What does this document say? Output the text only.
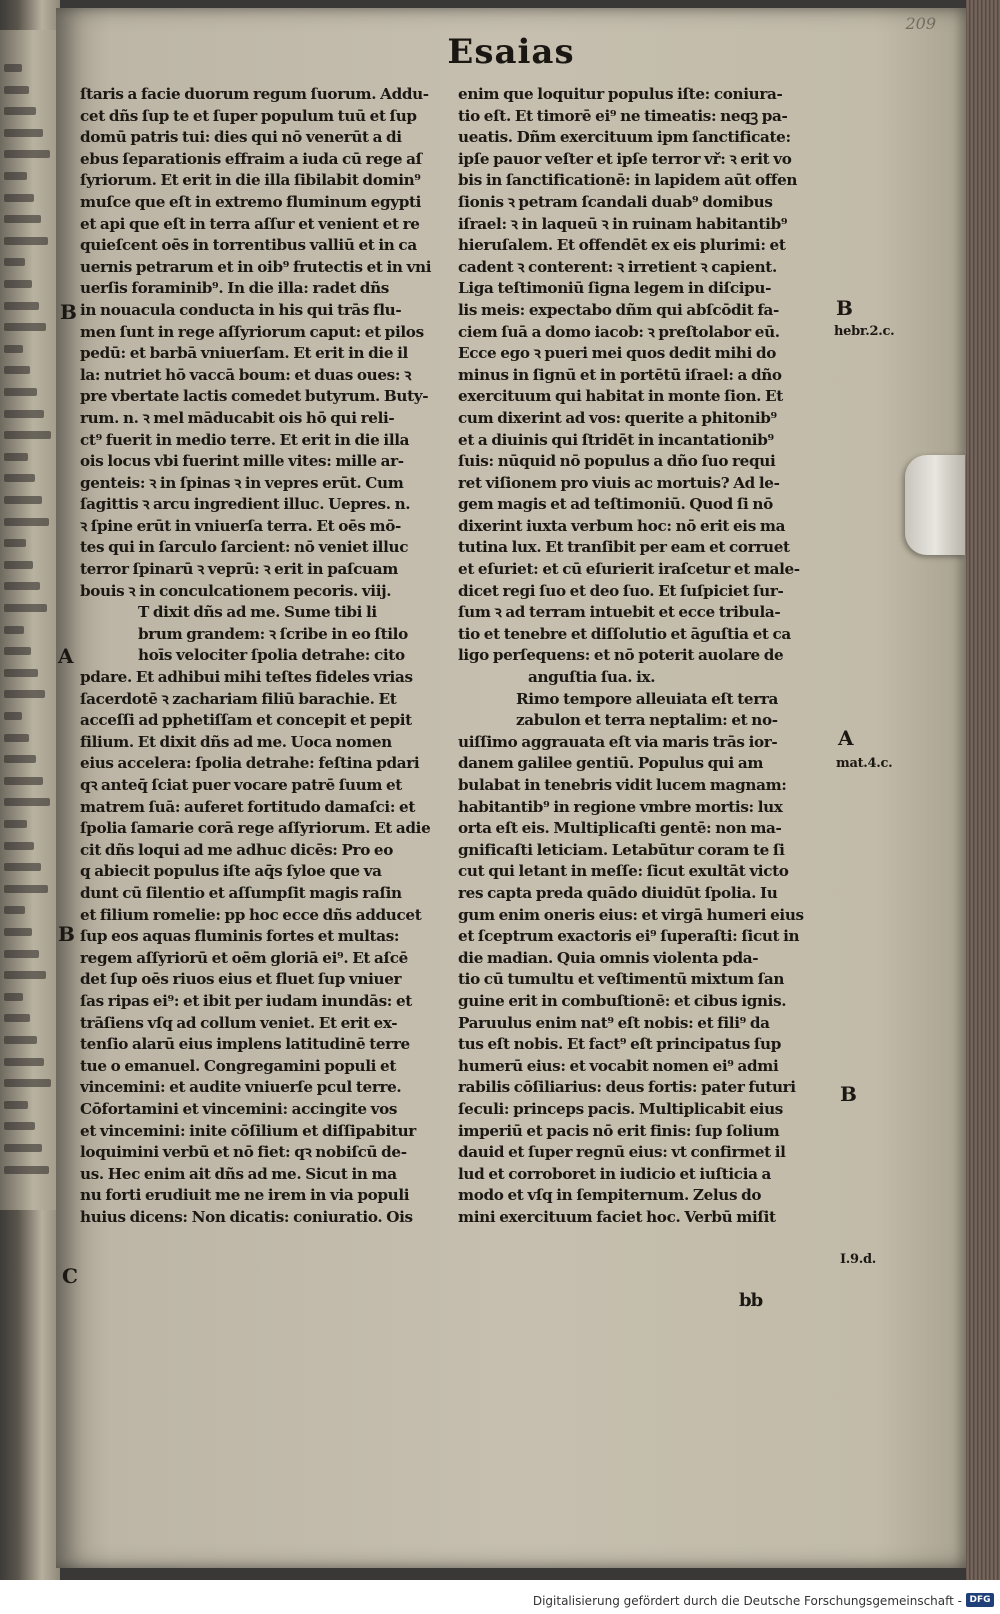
209
Esaias
ſtaris a facie duorum regum ſuorum. Addu-
cet dñs ſup te et ſuper populum tuū et ſup
domū patris tui: dies qui nō venerūt a di
ebus ſeparationis effraim a iuda cū rege aſ
ſyriorum. Et erit in die illa ſibilabit domin⁹
muſce que eſt in extremo fluminum egypti
et api que eſt in terra aſſur et venient et re
quieſcent oēs in torrentibus valliū et in ca
uernis petrarum et in oib⁹ frutectis et in vni
uerſis foraminib⁹. In die illa: radet dñs
in nouacula conducta in his qui trās flu-
men ſunt in rege aſſyriorum caput: et pilos
pedū: et barbā vniuerſam. Et erit in die il
la: nutriet hō vaccā boum: et duas oues: ꝛ
pre vbertate lactis comedet butyrum. Buty-
rum. n. ꝛ mel māducabit ois hō qui reli-
ct⁹ fuerit in medio terre. Et erit in die illa
ois locus vbi fuerint mille vites: mille ar-
genteis: ꝛ in ſpinas ꝛ in vepres erūt. Cum
ſagittis ꝛ arcu ingredient illuc. Uepres. n.
ꝛ ſpine erūt in vniuerſa terra. Et oēs mō-
tes qui in ſarculo ſarcient: nō veniet illuc
terror ſpinarū ꝛ veprū: ꝛ erit in paſcuam
bouis ꝛ in conculcationem pecoris. viij.
T dixit dñs ad me. Sume tibi li
brum grandem: ꝛ ſcribe in eo ſtilo
hoīs velociter ſpolia detrahe: cito
pdare. Et adhibui mihi teſtes fideles vrias
ſacerdotē ꝛ zachariam filiū barachie. Et
acceſſi ad pphetiſſam et concepit et pepit
filium. Et dixit dñs ad me. Uoca nomen
eius accelera: ſpolia detrahe: feſtina pdari
qꝛ anteq̄ ſciat puer vocare patrē ſuum et
matrem ſuā: auferet fortitudo damaſci: et
ſpolia ſamarie corā rege aſſyriorum. Et adie
cit dñs loqui ad me adhuc dicēs: Pro eo
q abiecit populus iſte aq̄s ſyloe que va
dunt cū ſilentio et aſſumpſit magis raſin
et filium romelie: pp hoc ecce dñs adducet
ſup eos aquas fluminis fortes et multas:
regem aſſyriorū et oēm gloriā ei⁹. Et aſcē
det ſup oēs riuos eius et fluet ſup vniuer
ſas ripas ei⁹: et ibit per iudam inundās: et
trāſiens vſq ad collum veniet. Et erit ex-
tenſio alarū eius implens latitudinē terre
tue o emanuel. Congregamini populi et
vincemini: et audite vniuerſe pcul terre.
Cōfortamini et vincemini: accingite vos
et vincemini: inite cōſilium et diſſipabitur
loquimini verbū et nō fiet: qꝛ nobiſcū de-
us. Hec enim ait dñs ad me. Sicut in ma
nu forti erudiuit me ne irem in via populi
huius dicens: Non dicatis: coniuratio. Ois
enim que loquitur populus iſte: coniura-
tio eſt. Et timorē ei⁹ ne timeatis: neqꝫ pa-
ueatis. Dñm exercituum ipm ſanctificate:
ipſe pauor veſter et ipſe terror vř: ꝛ erit vo
bis in ſanctificationē: in lapidem aūt offen
ſionis ꝛ petram ſcandali duab⁹ domibus
iſrael: ꝛ in laqueū ꝛ in ruinam habitantib⁹
hieruſalem. Et offendēt ex eis plurimi: et
cadent ꝛ conterent: ꝛ irretient ꝛ capient.
Liga teſtimoniū ſigna legem in diſcipu-
lis meis: expectabo dñm qui abſcōdit fa-
ciem ſuā a domo iacob: ꝛ preſtolabor eū.
Ecce ego ꝛ pueri mei quos dedit mihi do
minus in ſignū et in portētū iſrael: a dño
exercituum qui habitat in monte ſion. Et
cum dixerint ad vos: querite a phitonib⁹
et a diuinis qui ſtridēt in incantationib⁹
ſuis: nūquid nō populus a dño ſuo requi
ret viſionem pro viuis ac mortuis? Ad le-
gem magis et ad teſtimoniū. Quod ſi nō
dixerint iuxta verbum hoc: nō erit eis ma
tutina lux. Et tranſibit per eam et corruet
et eſuriet: et cū eſurierit iraſcetur et male-
dicet regi ſuo et deo ſuo. Et ſuſpiciet ſur-
ſum ꝛ ad terram intuebit et ecce tribula-
tio et tenebre et diſſolutio et āguſtia et ca
ligo perſequens: et nō poterit auolare de
anguſtia ſua. ix.
Rimo tempore alleuiata eſt terra
zabulon et terra neptalim: et no-
uiſſimo aggrauata eſt via maris trās ior-
danem galilee gentiū. Populus qui am
bulabat in tenebris vidit lucem magnam:
habitantib⁹ in regione vmbre mortis: lux
orta eſt eis. Multiplicaſti gentē: non ma-
gnificaſti leticiam. Letabūtur coram te ſi
cut qui letant in meſſe: ſicut exultāt victo
res capta preda quādo diuidūt ſpolia. Iu
gum enim oneris eius: et virgā humeri eius
et ſceptrum exactoris ei⁹ ſuperaſti: ſicut in
die madian. Quia omnis violenta pda-
tio cū tumultu et veſtimentū mixtum ſan
guine erit in combuſtionē: et cibus ignis.
Paruulus enim nat⁹ eſt nobis: et fili⁹ da
tus eſt nobis. Et fact⁹ eſt principatus ſup
humerū eius: et vocabit nomen ei⁹ admi
rabilis cōſiliarius: deus fortis: pater futuri
ſeculi: princeps pacis. Multiplicabit eius
imperiū et pacis nō erit finis: ſup ſolium
dauid et ſuper regnū eius: vt confirmet il
lud et corroboret in iudicio et iuſticia a
modo et vſq in ſempiternum. Zelus do
mini exercituum faciet hoc. Verbū miſit
B
A
B
C
B
hebr.2.c.
A
mat.4.c.
B
I.9.d.
bb
Digitalisierung gefördert durch die Deutsche Forschungsgemeinschaft - DFG
